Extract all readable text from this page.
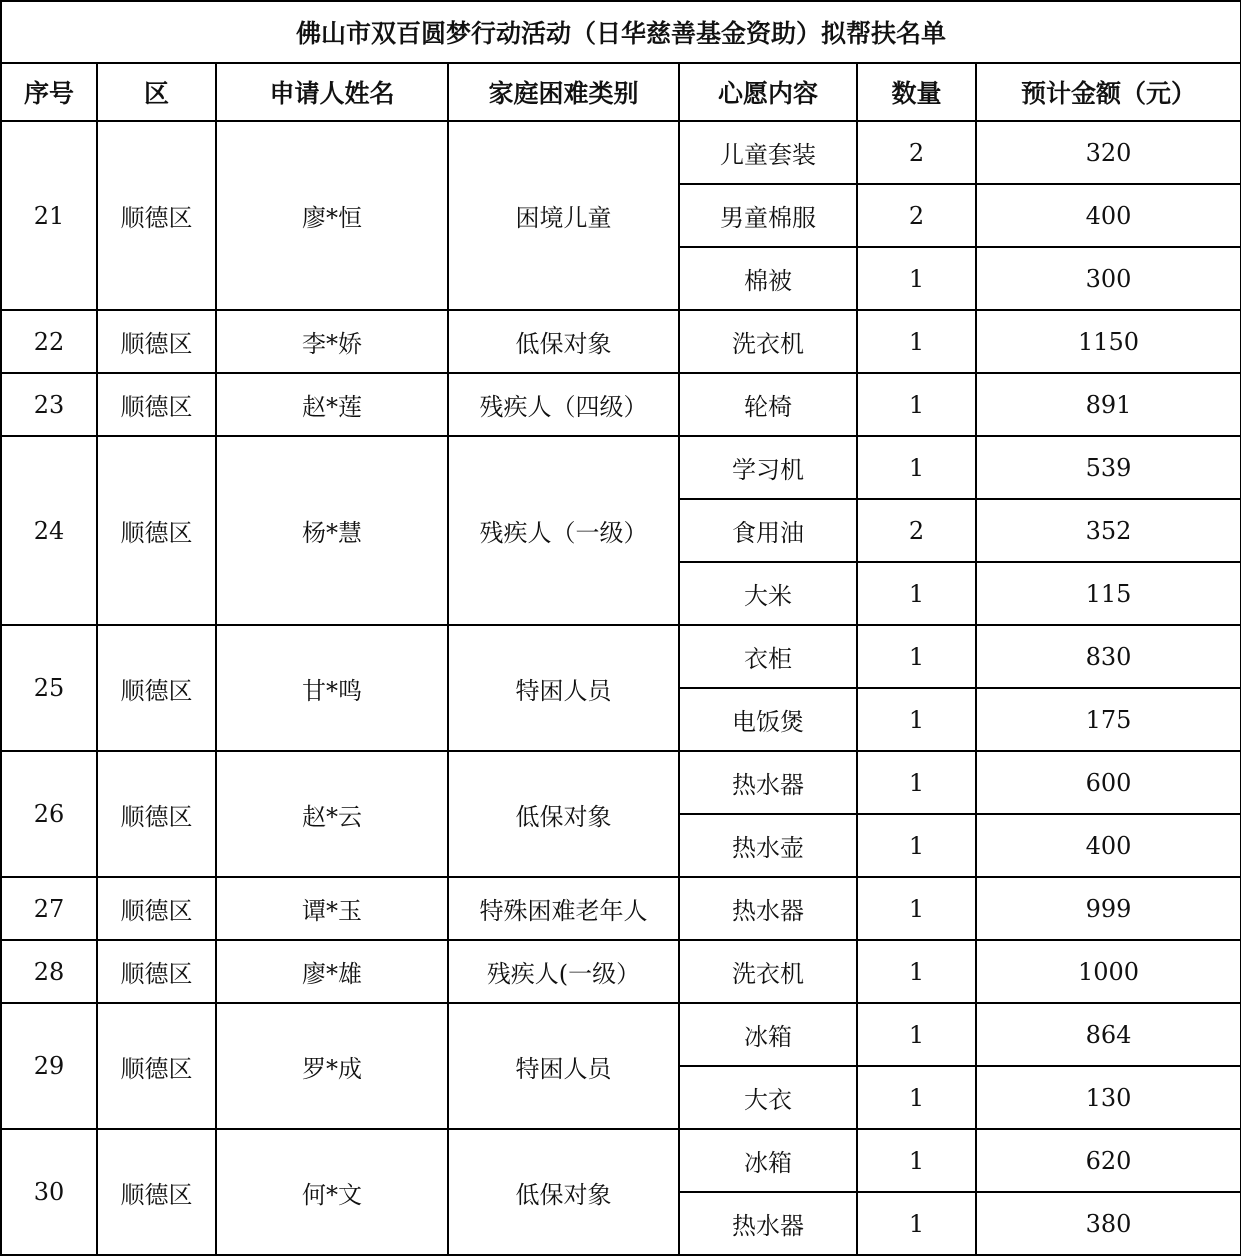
佛山市双百圆梦行动活动（日华慈善基金资助）拟帮扶名单						
序号	区	申请人姓名	家庭困难类别	心愿内容	数量	预计金额（元）
21	顺德区	廖*恒	困境儿童	儿童套装	2	320
				男童棉服	2	400
				棉被	1	300
22	顺德区	李*娇	低保对象	洗衣机	1	1150
23	顺德区	赵*莲	残疾人（四级）	轮椅	1	891
24	顺德区	杨*慧	残疾人（一级）	学习机	1	539
				食用油	2	352
				大米	1	115
25	顺德区	甘*鸣	特困人员	衣柜	1	830
				电饭煲	1	175
26	顺德区	赵*云	低保对象	热水器	1	600
				热水壶	1	400
27	顺德区	谭*玉	特殊困难老年人	热水器	1	999
28	顺德区	廖*雄	残疾人(一级）	洗衣机	1	1000
29	顺德区	罗*成	特困人员	冰箱	1	864
				大衣	1	130
30	顺德区	何*文	低保对象	冰箱	1	620
				热水器	1	380
